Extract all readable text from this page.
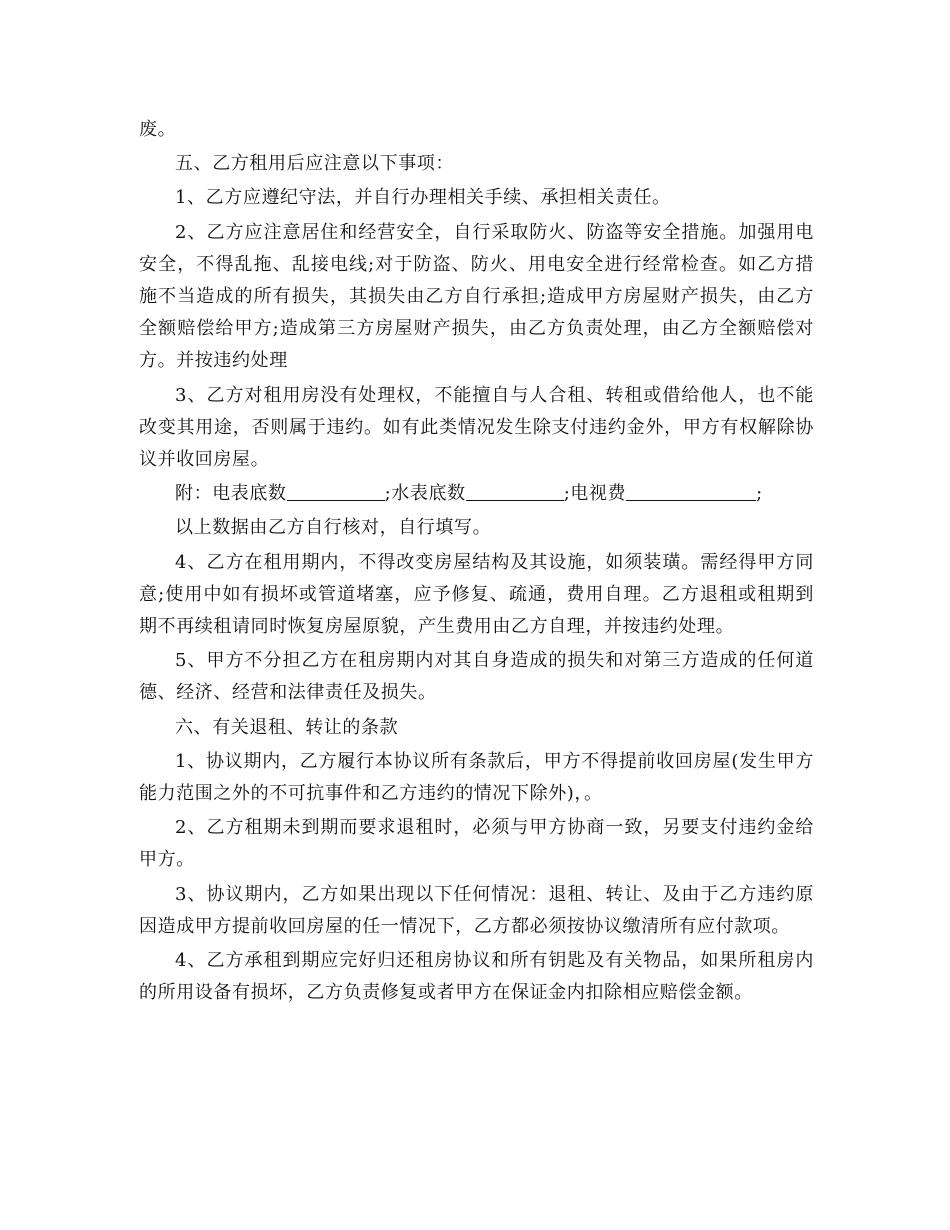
废。

五、乙方租用后应注意以下事项：

1、乙方应遵纪守法，并自行办理相关手续、承担相关责任。

2、乙方应注意居住和经营安全，自行采取防火、防盗等安全措施。加强用电安全，不得乱拖、乱接电线;对于防盗、防火、用电安全进行经常检查。如乙方措施不当造成的所有损失，其损失由乙方自行承担;造成甲方房屋财产损失，由乙方全额赔偿给甲方;造成第三方房屋财产损失，由乙方负责处理，由乙方全额赔偿对方。并按违约处理

3、乙方对租用房没有处理权，不能擅自与人合租、转租或借给他人，也不能改变其用途，否则属于违约。如有此类情况发生除支付违约金外，甲方有权解除协议并收回房屋。

附：电表底数	;水表底数	;电视费	;

以上数据由乙方自行核对，自行填写。

4、乙方在租用期内，不得改变房屋结构及其设施，如须装璜。需经得甲方同意;使用中如有损坏或管道堵塞，应予修复、疏通，费用自理。乙方退租或租期到期不再续租请同时恢复房屋原貌，产生费用由乙方自理，并按违约处理。

5、甲方不分担乙方在租房期内对其自身造成的损失和对第三方造成的任何道德、经济、经营和法律责任及损失。

六、有关退租、转让的条款

1、协议期内，乙方履行本协议所有条款后，甲方不得提前收回房屋(发生甲方能力范围之外的不可抗事件和乙方违约的情况下除外)，。

2、乙方租期未到期而要求退租时，必须与甲方协商一致，另要支付违约金给甲方。

3、协议期内，乙方如果出现以下任何情况：退租、转让、及由于乙方违约原因造成甲方提前收回房屋的任一情况下，乙方都必须按协议缴清所有应付款项。

4、乙方承租到期应完好归还租房协议和所有钥匙及有关物品，如果所租房内的所用设备有损坏，乙方负责修复或者甲方在保证金内扣除相应赔偿金额。
